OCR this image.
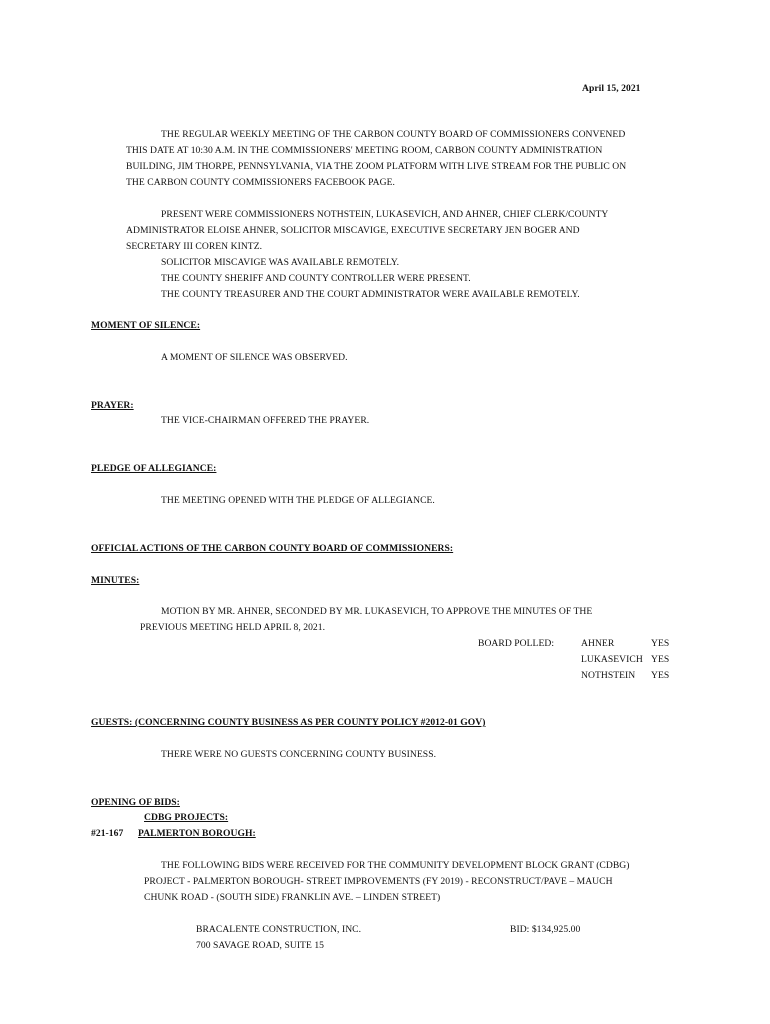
April 15, 2021
THE REGULAR WEEKLY MEETING OF THE CARBON COUNTY BOARD OF COMMISSIONERS CONVENED
THIS DATE AT 10:30 A.M. IN THE COMMISSIONERS' MEETING ROOM, CARBON COUNTY ADMINISTRATION
BUILDING, JIM THORPE, PENNSYLVANIA, VIA THE ZOOM PLATFORM WITH LIVE STREAM FOR THE PUBLIC ON
THE CARBON COUNTY COMMISSIONERS FACEBOOK PAGE.
PRESENT WERE COMMISSIONERS NOTHSTEIN, LUKASEVICH, AND AHNER, CHIEF CLERK/COUNTY
ADMINISTRATOR ELOISE AHNER, SOLICITOR MISCAVIGE, EXECUTIVE SECRETARY JEN BOGER AND
SECRETARY III COREN KINTZ.
SOLICITOR MISCAVIGE WAS AVAILABLE REMOTELY.
THE COUNTY SHERIFF AND COUNTY CONTROLLER WERE PRESENT.
THE COUNTY TREASURER AND THE COURT ADMINISTRATOR WERE AVAILABLE REMOTELY.
MOMENT OF SILENCE:
A MOMENT OF SILENCE WAS OBSERVED.
PRAYER:
THE VICE-CHAIRMAN OFFERED THE PRAYER.
PLEDGE OF ALLEGIANCE:
THE MEETING OPENED WITH THE PLEDGE OF ALLEGIANCE.
OFFICIAL ACTIONS OF THE CARBON COUNTY BOARD OF COMMISSIONERS:
MINUTES:
MOTION BY MR. AHNER, SECONDED BY MR. LUKASEVICH, TO APPROVE THE MINUTES OF THE
PREVIOUS MEETING HELD APRIL 8, 2021.
BOARD POLLED:	AHNER	YES
LUKASEVICH YES
NOTHSTEIN YES
GUESTS: (CONCERNING COUNTY BUSINESS AS PER COUNTY POLICY #2012-01 GOV)
THERE WERE NO GUESTS CONCERNING COUNTY BUSINESS.
OPENING OF BIDS:
CDBG PROJECTS:
#21-167 PALMERTON BOROUGH:
THE FOLLOWING BIDS WERE RECEIVED FOR THE COMMUNITY DEVELOPMENT BLOCK GRANT (CDBG)
PROJECT - PALMERTON BOROUGH- STREET IMPROVEMENTS (FY 2019) - RECONSTRUCT/PAVE – MAUCH
CHUNK ROAD - (SOUTH SIDE) FRANKLIN AVE. – LINDEN STREET)
BRACALENTE CONSTRUCTION, INC.	BID: $134,925.00
700 SAVAGE ROAD, SUITE 15
